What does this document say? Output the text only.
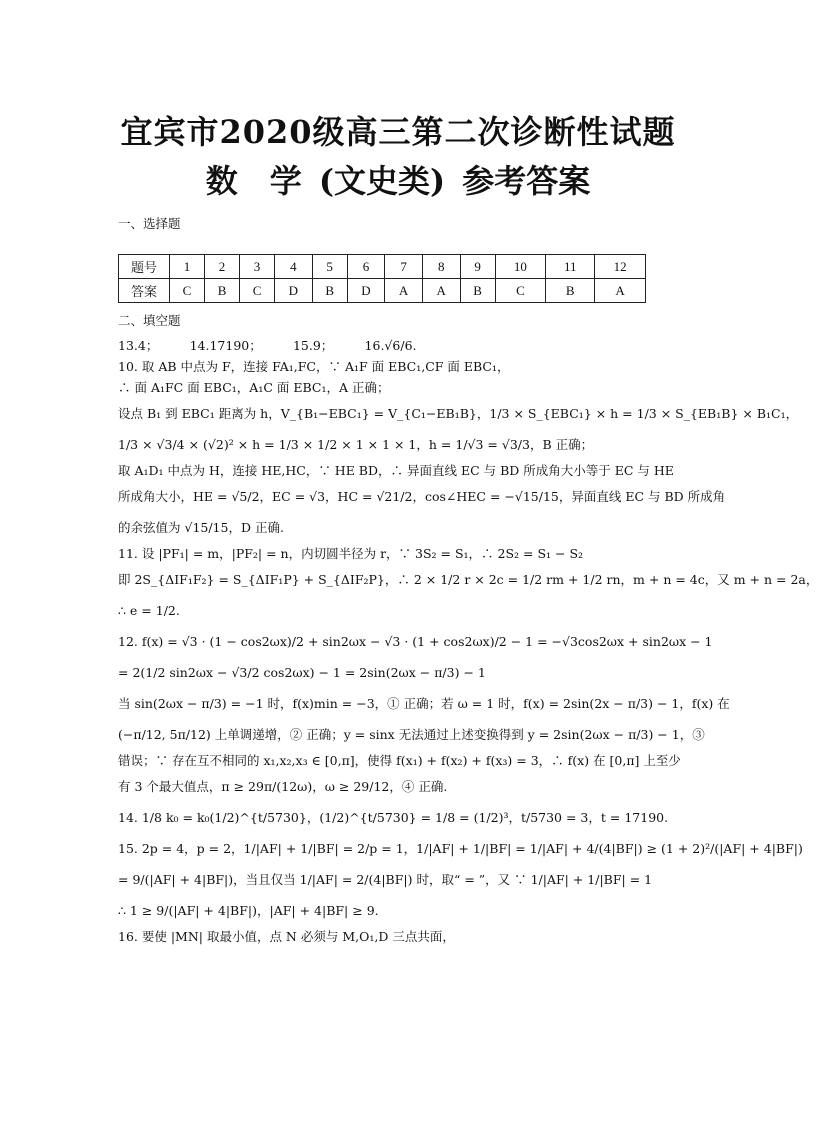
宜宾市2020级高三第二次诊断性试题
数　学 (文史类) 参考答案
一、选择题
题号	1	2	3	4	5	6	7	8	9	10	11	12
答案	C	B	C	D	B	D	A	A	B	C	B	A
二、填空题

13.4；　　　14.17190；　　　15.9；　　　16.√6/6.

10. 取 AB 中点为 F，连接 FA₁,FC，∵ A₁F 面 EBC₁,CF 面 EBC₁，

∴ 面 A₁FC 面 EBC₁，A₁C 面 EBC₁，A 正确；

设点 B₁ 到 EBC₁ 距离为 h，V_{B₁−EBC₁} = V_{C₁−EB₁B}，1/3 × S_{EBC₁} × h = 1/3 × S_{EB₁B} × B₁C₁，

1/3 × √3/4 × (√2)² × h = 1/3 × 1/2 × 1 × 1 × 1，h = 1/√3 = √3/3，B 正确；

取 A₁D₁ 中点为 H，连接 HE,HC，∵ HE BD，∴ 异面直线 EC 与 BD 所成角大小等于 EC 与 HE

所成角大小，HE = √5/2，EC = √3，HC = √21/2，cos∠HEC = −√15/15，异面直线 EC 与 BD 所成角

的余弦值为 √15/15，D 正确.

11. 设 |PF₁| = m，|PF₂| = n，内切圆半径为 r，∵ 3S₂ = S₁，∴ 2S₂ = S₁ − S₂

即 2S_{ΔIF₁F₂} = S_{ΔIF₁P} + S_{ΔIF₂P}，∴ 2 × 1/2 r × 2c = 1/2 rm + 1/2 rn，m + n = 4c，又 m + n = 2a，

∴ e = 1/2.

12. f(x) = √3 · (1 − cos2ωx)/2 + sin2ωx − √3 · (1 + cos2ωx)/2 − 1 = −√3cos2ωx + sin2ωx − 1

= 2(1/2 sin2ωx − √3/2 cos2ωx) − 1 = 2sin(2ωx − π/3) − 1

当 sin(2ωx − π/3) = −1 时，f(x)min = −3，① 正确；若 ω = 1 时，f(x) = 2sin(2x − π/3) − 1，f(x) 在

(−π/12, 5π/12) 上单调递增，② 正确；y = sinx 无法通过上述变换得到 y = 2sin(2ωx − π/3) − 1，③

错误；∵ 存在互不相同的 x₁,x₂,x₃ ∈ [0,π]，使得 f(x₁) + f(x₂) + f(x₃) = 3，∴ f(x) 在 [0,π] 上至少

有 3 个最大值点，π ≥ 29π/(12ω)，ω ≥ 29/12，④ 正确.

14. 1/8 k₀ = k₀(1/2)^{t/5730}，(1/2)^{t/5730} = 1/8 = (1/2)³，t/5730 = 3，t = 17190.

15. 2p = 4，p = 2，1/|AF| + 1/|BF| = 2/p = 1，1/|AF| + 1/|BF| = 1/|AF| + 4/(4|BF|) ≥ (1 + 2)²/(|AF| + 4|BF|)

= 9/(|AF| + 4|BF|)，当且仅当 1/|AF| = 2/(4|BF|) 时，取“ = ”，又 ∵ 1/|AF| + 1/|BF| = 1

∴ 1 ≥ 9/(|AF| + 4|BF|)，|AF| + 4|BF| ≥ 9.

16. 要使 |MN| 取最小值，点 N 必须与 M,O₁,D 三点共面，
